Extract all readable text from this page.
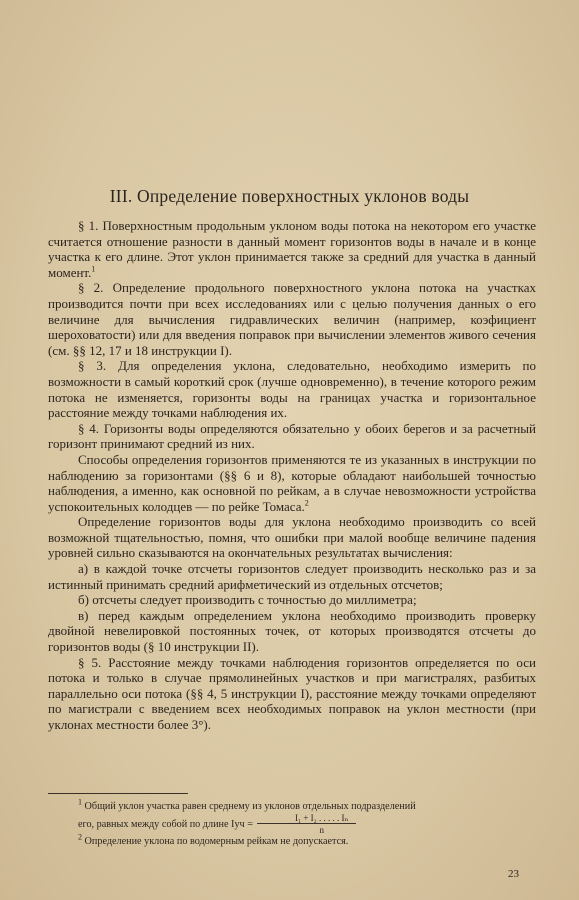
III. Определение поверхностных уклонов воды

§ 1. Поверхностным продольным уклоном воды потока на некотором его участке считается отношение разности в данный момент горизонтов воды в начале и в конце участка к его длине. Этот уклон принимается также за средний для участка в данный момент.$^1$

§ 2. Определение продольного поверхностного уклона потока на участках производится почти при всех исследованиях или с целью получения данных о его величине для вычисления гидравлических величин (например, коэфициент шероховатости) или для введения поправок при вычислении элементов живого сечения (см. §§ 12, 17 и 18 инструкции I).

§ 3. Для определения уклона, следовательно, необходимо измерить по возможности в самый короткий срок (лучше одновременно), в течение которого режим потока не изменяется, горизонты воды на границах участка и горизонтальное расстояние между точками наблюдения их.

§ 4. Горизонты воды определяются обязательно у обоих берегов и за расчетный горизонт принимают средний из них.

Способы определения горизонтов применяются те из указанных в инструкции по наблюдению за горизонтами (§§ 6 и 8), которые обладают наибольшей точностью наблюдения, а именно, как основной по рейкам, а в случае невозможности устройства успокоительных колодцев — по рейке Томаса.$^2$

Определение горизонтов воды для уклона необходимо производить со всей возможной тщательностью, помня, что ошибки при малой вообще величине падения уровней сильно сказываются на окончательных результатах вычисления:

а) в каждой точке отсчеты горизонтов следует производить несколько раз и за истинный принимать средний арифметический из отдельных отсчетов;

б) отсчеты следует производить с точностью до миллиметра;

в) перед каждым определением уклона необходимо производить проверку двойной невелировкой постоянных точек, от которых производятся отсчеты до горизонтов воды (§ 10 инструкции II).

§ 5. Расстояние между точками наблюдения горизонтов определяется по оси потока и только в случае прямолинейных участков и при магистралях, разбитых параллельно оси потока (§§ 4, 5 инструкции I), расстояние между точками определяют по магистрали с введением всех необходимых поправок на уклон местности (при уклонах местности более 3°).

$^1$ Общий уклон участка равен среднему из уклонов отдельных подразделений

его, равных между собой по длине Iуч = $\frac{\text{I₁ + I₂ . . . . . Iₙ}}{n}$

$^2$ Определение уклона по водомерным рейкам не допускается.

23
